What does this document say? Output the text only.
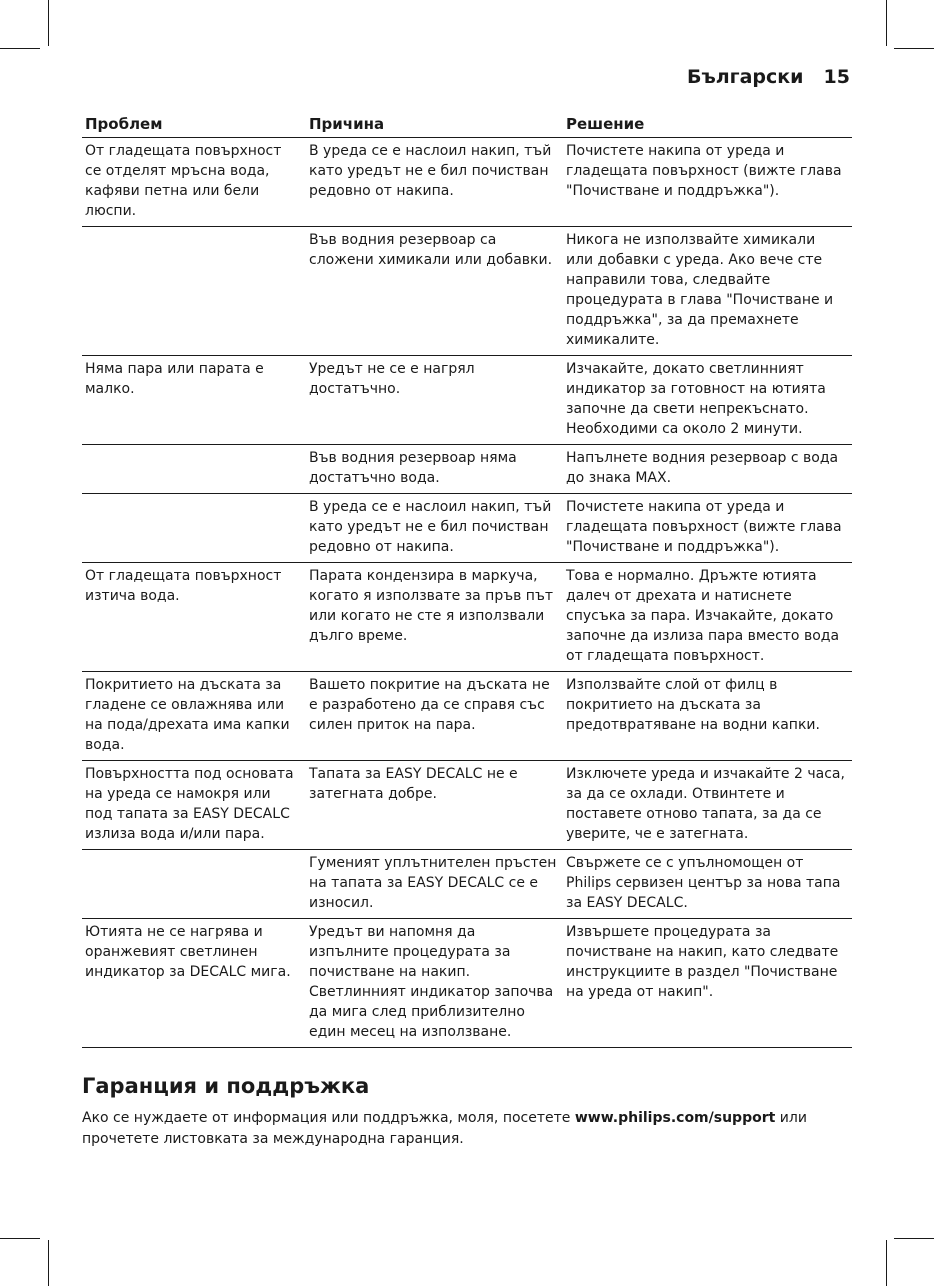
Български 15
Проблем	Причина	Решение
От гладещата повърхност се отделят мръсна вода, кафяви петна или бели люспи.	В уреда се е наслоил накип, тъй като уредът не е бил почистван редовно от накипа.	Почистете накипа от уреда и гладещата повърхност (вижте глава "Почистване и поддръжка").
	Във водния резервоар са сложени химикали или добавки.	Никога не използвайте химикали или добавки с уреда. Ако вече сте направили това, следвайте процедурата в глава "Почистване и поддръжка", за да премахнете химикалите.
Няма пара или парата е малко.	Уредът не се е нагрял достатъчно.	Изчакайте, докато светлинният индикатор за готовност на ютията започне да свети непрекъснато. Необходими са около 2 минути.
	Във водния резервоар няма достатъчно вода.	Напълнете водния резервоар с вода до знака MAX.
	В уреда се е наслоил накип, тъй като уредът не е бил почистван редовно от накипа.	Почистете накипа от уреда и гладещата повърхност (вижте глава "Почистване и поддръжка").
От гладещата повърхност изтича вода.	Парата кондензира в маркуча, когато я използвате за пръв път или когато не сте я използвали дълго време.	Това е нормално. Дръжте ютията далеч от дрехата и натиснете спусъка за пара. Изчакайте, докато започне да излиза пара вместо вода от гладещата повърхност.
Покритието на дъската за гладене се овлажнява или на пода/дрехата има капки вода.	Вашето покритие на дъската не е разработено да се справя със силен приток на пара.	Използвайте слой от филц в покритието на дъската за предотвратяване на водни капки.
Повърхността под основата на уреда се намокря или под тапата за EASY DECALC излиза вода и/или пара.	Тапата за EASY DECALC не е затегната добре.	Изключете уреда и изчакайте 2 часа, за да се охлади. Отвинтете и поставете отново тапата, за да се уверите, че е затегната.
	Гуменият уплътнителен пръстен на тапата за EASY DECALC се е износил.	Свържете се с упълномощен от Philips сервизен център за нова тапа за EASY DECALC.
Ютията не се нагрява и оранжевият светлинен индикатор за DECALC мига.	Уредът ви напомня да изпълните процедурата за почистване на накип. Светлинният индикатор започва да мига след приблизително един месец на използване.	Извършете процедурата за почистване на накип, като следвате инструкциите в раздел "Почистване на уреда от накип".
Гаранция и поддръжка

Ако се нуждаете от информация или поддръжка, моля, посетете www.philips.com/support или прочетете листовката за международна гаранция.
